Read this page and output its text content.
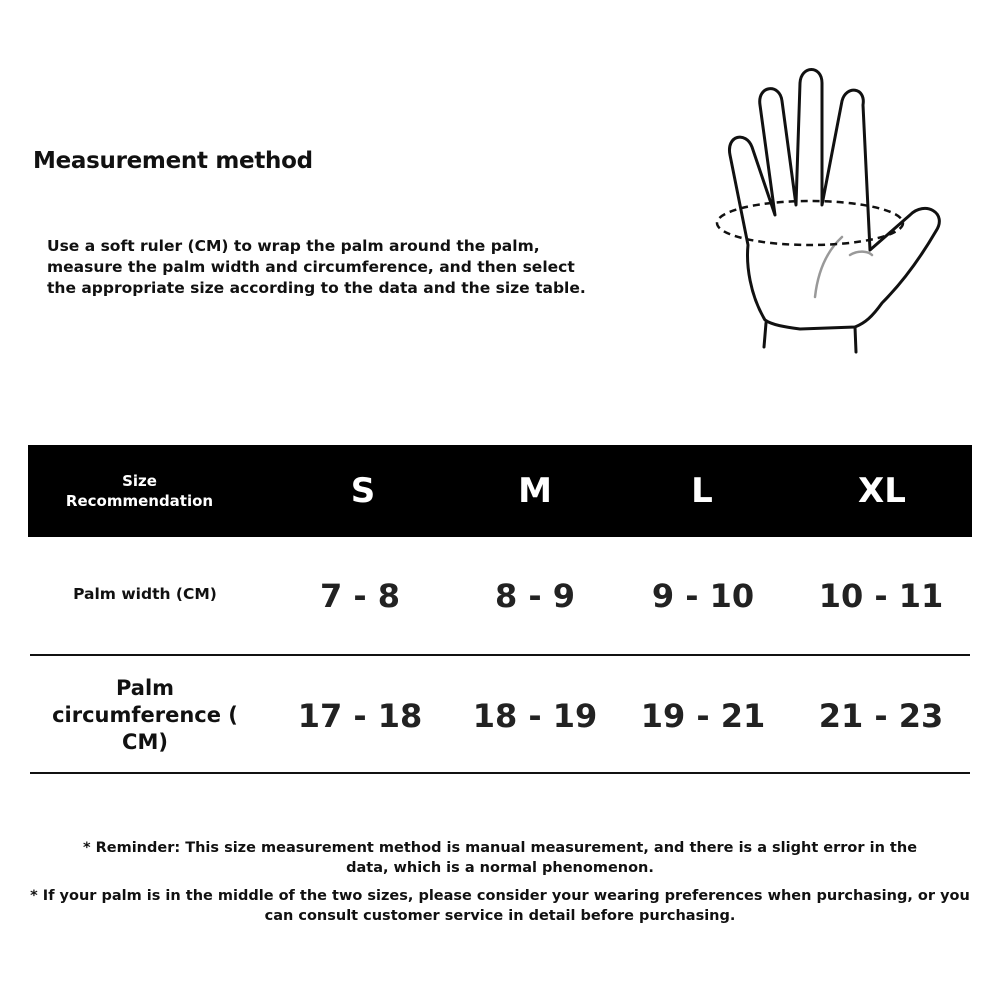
Measurement method
Use a soft ruler (CM) to wrap the palm around the palm,
measure the palm width and circumference, and then select
the appropriate size according to the data and the size table.
Size
Recommendation	S	M	L	XL
Palm width (CM)	7 - 8	8 - 9	9 - 10	10 - 11
Palm
circumference (
CM)
17 - 18	18 - 19	19 - 21	21 - 23
* Reminder: This size measurement method is manual measurement, and there is a slight error in the
data, which is a normal phenomenon.
* If your palm is in the middle of the two sizes, please consider your wearing preferences when purchasing, or you
can consult customer service in detail before purchasing.
